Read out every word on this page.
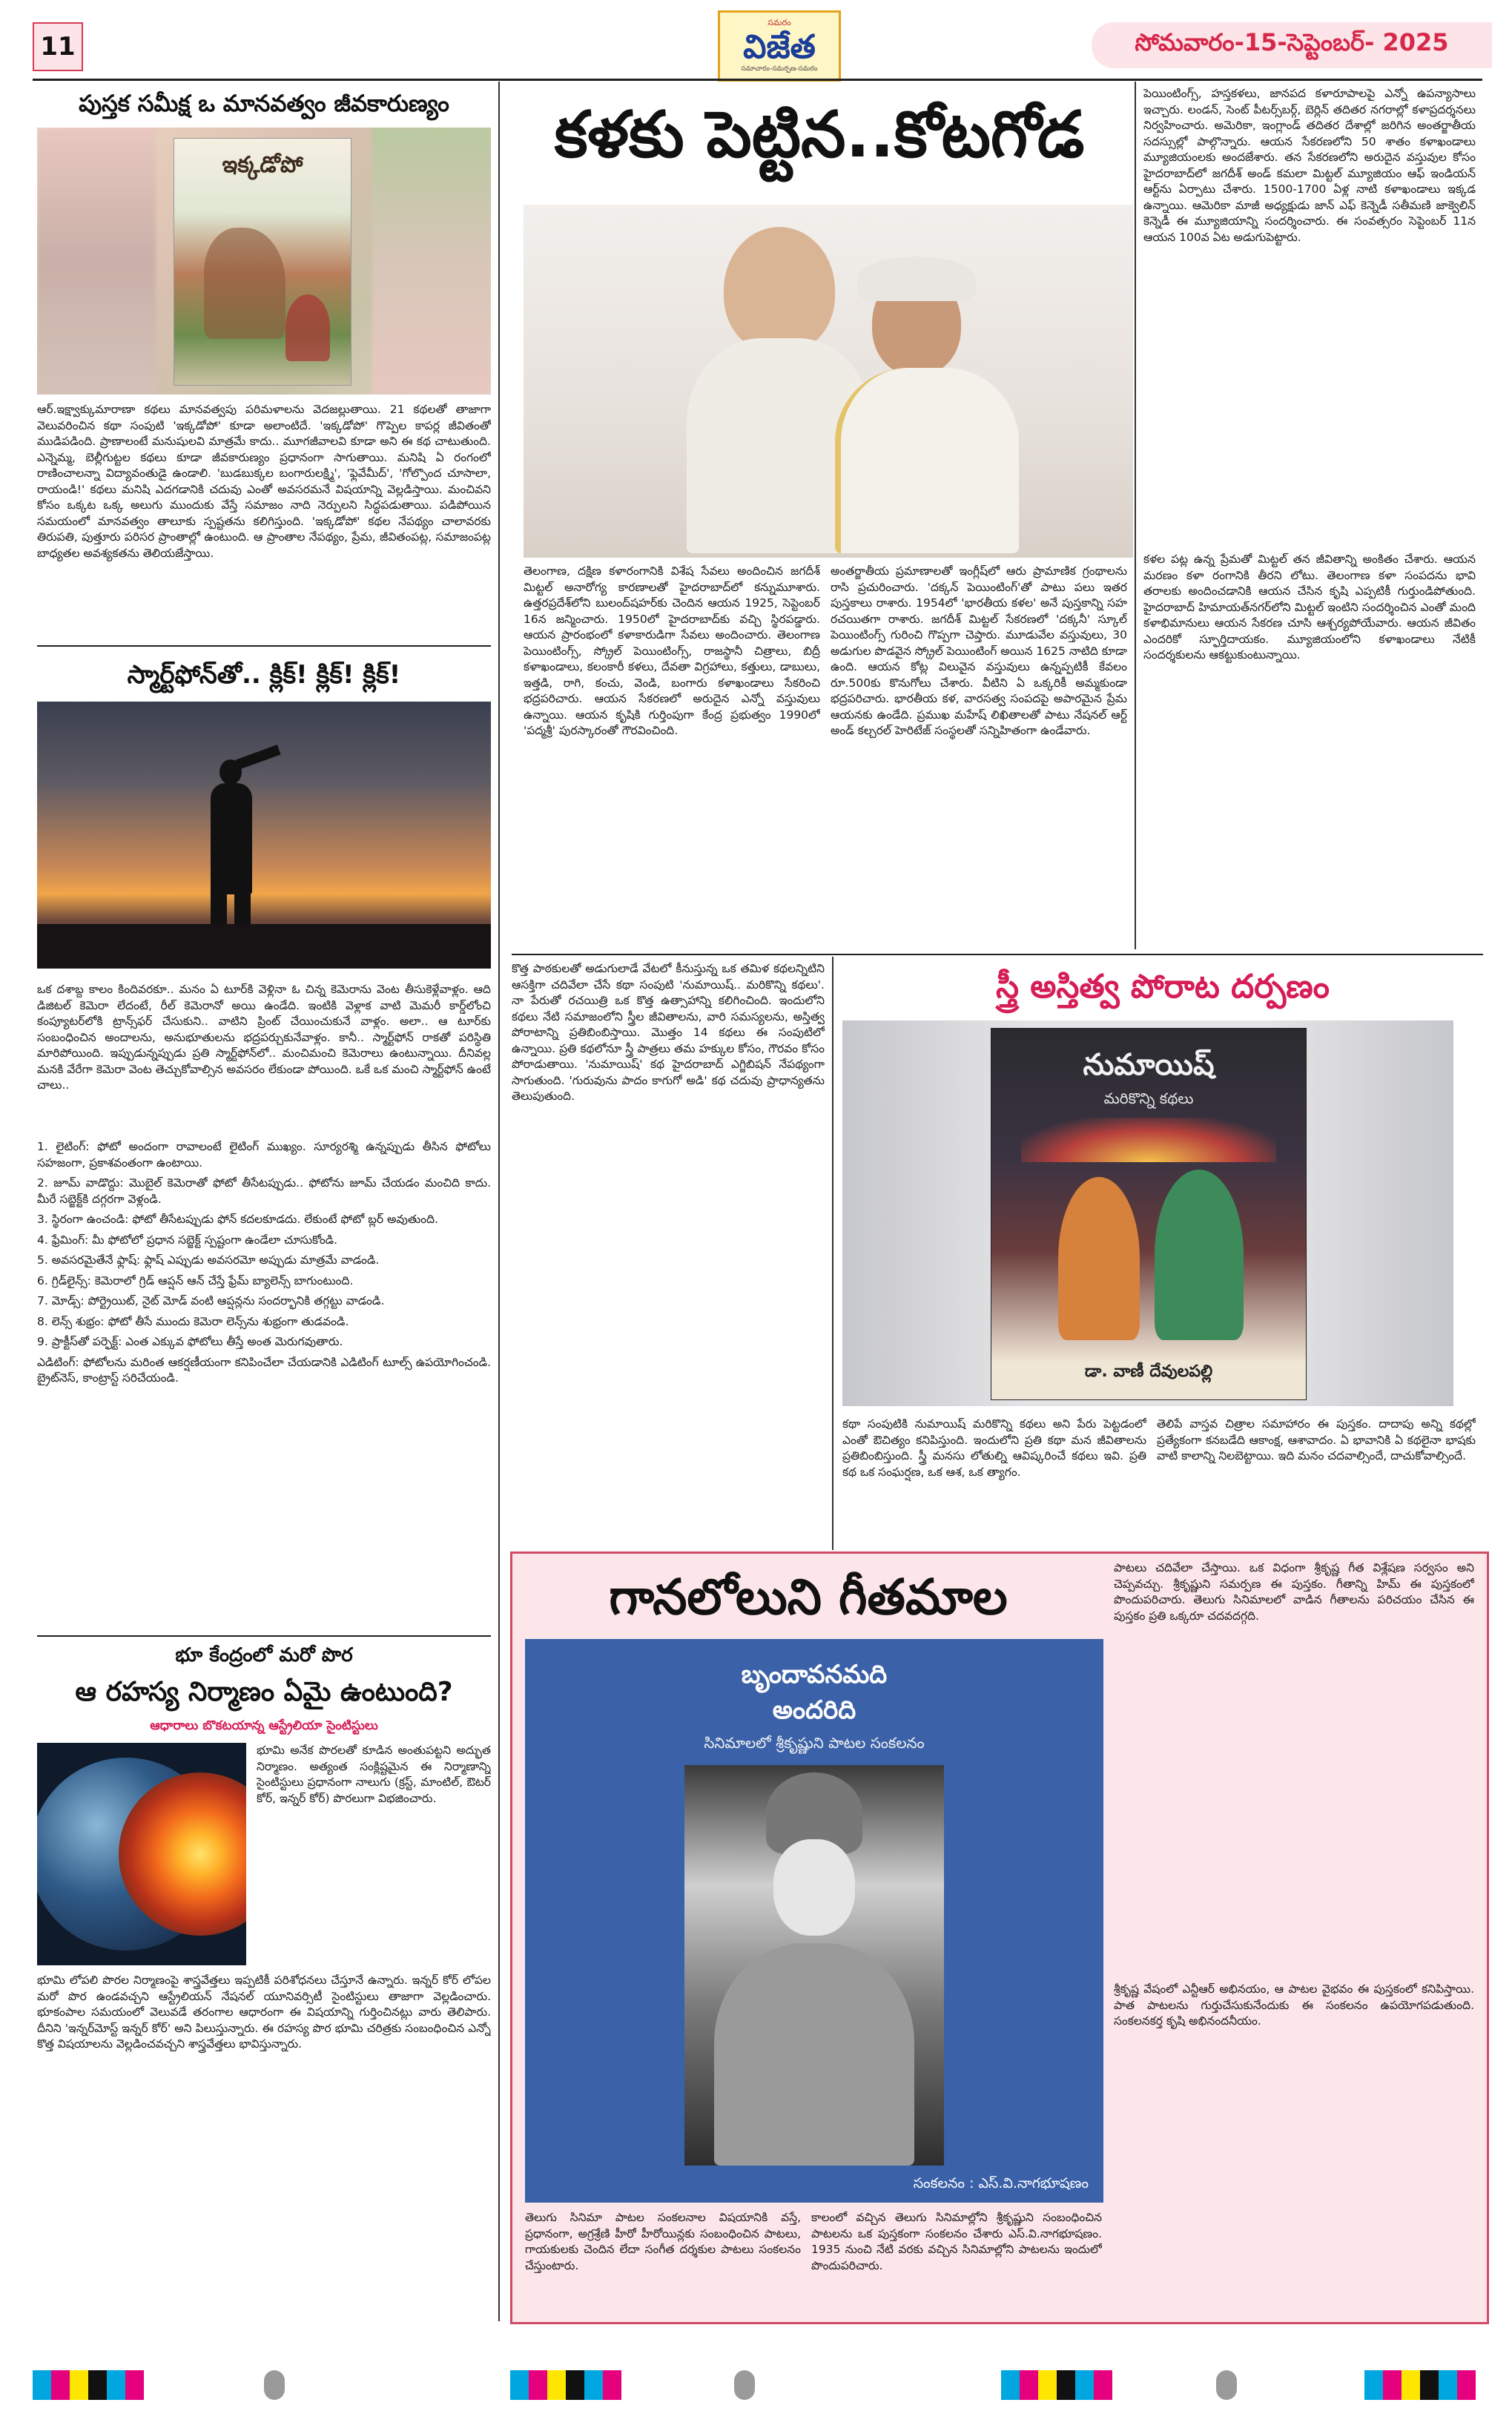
11
సమరం
విజేత
సమాచారం-సమర్పణ-సమరం
సోమవారం-15-సెప్టెంబర్- 2025
పుస్తక సమీక్ష ఒ మానవత్వం జీవకారుణ్యం
ఇక్కడోపో

ఆర్.ఇక్ష్వాక్కుమారాణా కథలు మానవత్వపు పరిమళాలను వెదజల్లుతాయి. 21 కథలతో తాజాగా వెలువరించిన కథా సంపుటి 'ఇక్కడోపో' కూడా అలాంటిదే. 'ఇక్కడోపో' గొప్పెల కాపర్ల జీవితంతో ముడిపడింది. ప్రాణాలంటే మనుషులవి మాత్రమే కాదు.. మూగజీవాలవి కూడా అని ఈ కథ చాటుతుంది. ఎన్నెమ్మ, బెల్లీగుట్టల కథలు కూడా జీవకారుణ్యం ప్రధానంగా సాగుతాయి. మనిషి ఏ రంగంలో రాణించాలన్నా విద్యావంతుడై ఉండాలి. 'బుడబుక్కల బంగారులక్ష్మి', 'ఫ్లెవేమీద్', 'గోల్పొంద చూసాలా, రాయండి!' కథలు మనిషి ఎదగడానికి చదువు ఎంతో అవసరమనే విషయాన్ని వెల్లడిస్తాయి. మంచివని కోసం ఒక్కట ఒక్క అలుగు ముందుకు వేస్తే సమాజం నాది నెర్పులని సిద్ధపడుతాయి. పడిపోయిన సమయంలో మానవత్వం తాలూకు స్పష్టతను కలిగిస్తుంది. 'ఇక్కడోపో' కథల నేపథ్యం చాలావరకు తిరుపతి, పుత్తూరు పరిసర ప్రాంతాల్లో ఉంటుంది. ఆ ప్రాంతాల నేపథ్యం, ప్రేమ, జీవితంపట్ల, సమాజంపట్ల బాధ్యతల అవశ్యకతను తెలియజేస్తాయి.

స్మార్ట్‌ఫోన్‌తో.. క్లిక్! క్లిక్! క్లిక్!

ఒక దశాబ్ద కాలం కిందివరకూ.. మనం ఏ టూర్‌కి వెళ్లినా ఓ చిన్న కెమెరాను వెంట తీసుకెళ్లేవాళ్లం. ఆది డిజిటల్ కెమెరా లేదంటే, రీల్ కెమెరానో అయి ఉండేది. ఇంటికి వెళ్లాక వాటి మెమరీ కార్డ్‌లోంచి కంప్యూటర్‌లోకి ట్రాన్స్‌ఫర్ చేసుకుని.. వాటిని ప్రింట్ చేయించుకునే వాళ్లం. అలా.. ఆ టూర్‌కు సంబంధించిన అందాలను, అనుభూతులను భద్రపర్చుకునేవాళ్లం. కానీ.. స్మార్ట్‌ఫోన్ రాకతో పరిస్థితి మారిపోయింది. ఇప్పుడున్నప్పుడు ప్రతి స్మార్ట్‌ఫోన్‌లో.. మంచిమంచి కెమెరాలు ఉంటున్నాయి. దీనివల్ల మనకి వేరేగా కెమెరా వెంట తెచ్చుకోవాల్సిన అవసరం లేకుండా పోయింది. ఒకే ఒక మంచి స్మార్ట్‌ఫోన్ ఉంటే చాలు..

1. లైటింగ్: ఫోటో అందంగా రావాలంటే లైటింగ్ ముఖ్యం. సూర్యరశ్మి ఉన్నప్పుడు తీసిన ఫోటోలు సహజంగా, ప్రకాశవంతంగా ఉంటాయి.

2. జూమ్ వాడొద్దు: మొబైల్ కెమెరాతో ఫోటో తీసేటప్పుడు.. ఫోటోను జూమ్ చేయడం మంచిది కాదు. మీరే సబ్జెక్ట్‌కి దగ్గరగా వెళ్లండి.

3. స్థిరంగా ఉంచండి: ఫోటో తీసేటప్పుడు ఫోన్ కదలకూడదు. లేకుంటే ఫోటో బ్లర్ అవుతుంది.

4. ఫ్రేమింగ్: మీ ఫోటోలో ప్రధాన సబ్జెక్ట్ స్పష్టంగా ఉండేలా చూసుకోండి.

5. అవసరమైతేనే ఫ్లాష్: ఫ్లాష్ ఎప్పుడు అవసరమో అప్పుడు మాత్రమే వాడండి.

6. గ్రిడ్‌లైన్స్: కెమెరాలో గ్రిడ్ ఆప్షన్ ఆన్ చేస్తే ఫ్రేమ్ బ్యాలెన్స్ బాగుంటుంది.

7. మోడ్స్: పోర్ట్రెయిట్, నైట్ మోడ్ వంటి ఆప్షన్లను సందర్భానికి తగ్గట్టు వాడండి.

8. లెన్స్ శుభ్రం: ఫోటో తీసే ముందు కెమెరా లెన్స్‌ను శుభ్రంగా తుడవండి.

9. ప్రాక్టీస్‌తో పర్ఫెక్ట్: ఎంత ఎక్కువ ఫోటోలు తీస్తే అంత మెరుగవుతారు.

ఎడిటింగ్: ఫోటోలను మరింత ఆకర్షణీయంగా కనిపించేలా చేయడానికి ఎడిటింగ్ టూల్స్ ఉపయోగించండి. బ్రైట్‌నెస్, కాంట్రాస్ట్ సరిచేయండి.

భూ కేంద్రంలో మరో పొర
ఆ రహస్య నిర్మాణం ఏమై ఉంటుంది?
ఆధారాలు బొకటయాన్న ఆస్ట్రేలియా సైంటిస్టులు

భూమి అనేక పొరలతో కూడిన అంతుపట్టని అద్భుత నిర్మాణం. అత్యంత సంక్లిష్టమైన ఈ నిర్మాణాన్ని సైంటిస్టులు ప్రధానంగా నాలుగు (క్రస్ట్, మాంటిల్, ఔటర్ కోర్, ఇన్నర్ కోర్) పొరలుగా విభజించారు.

భూమి లోపలి పొరల నిర్మాణంపై శాస్త్రవేత్తలు ఇప్పటికీ పరిశోధనలు చేస్తూనే ఉన్నారు. ఇన్నర్ కోర్ లోపల మరో పొర ఉండవచ్చని ఆస్ట్రేలియన్ నేషనల్ యూనివర్సిటీ సైంటిస్టులు తాజాగా వెల్లడించారు. భూకంపాల సమయంలో వెలువడే తరంగాల ఆధారంగా ఈ విషయాన్ని గుర్తించినట్లు వారు తెలిపారు. దీనిని 'ఇన్నర్‌మోస్ట్ ఇన్నర్ కోర్' అని పిలుస్తున్నారు. ఈ రహస్య పొర భూమి చరిత్రకు సంబంధించిన ఎన్నో కొత్త విషయాలను వెల్లడించవచ్చని శాస్త్రవేత్తలు భావిస్తున్నారు.

కళకు పెట్టిన..కోటగోడ

తెలంగాణ, దక్షిణ కళారంగానికి విశేష సేవలు అందించిన జగదీశ్ మిట్టల్ అనారోగ్య కారణాలతో హైదరాబాద్‌లో కన్నుమూశారు. ఉత్తరప్రదేశ్‌లోని బులంద్‌షహర్‌కు చెందిన ఆయన 1925, సెప్టెంబర్ 16న జన్మించారు. 1950లో హైదరాబాద్‌కు వచ్చి స్థిరపడ్డారు. ఆయన ప్రారంభంలో కళాకారుడిగా సేవలు అందించారు. తెలంగాణ పెయింటింగ్స్, స్క్రోల్ పెయింటింగ్స్, రాజస్థానీ చిత్రాలు, బిద్రీ కళాఖండాలు, కలంకారీ కళలు, దేవతా విగ్రహాలు, కత్తులు, డాబులు, ఇత్తడి, రాగి, కంచు, వెండి, బంగారు కళాఖండాలు సేకరించి భద్రపరిచారు. ఆయన సేకరణలో అరుదైన ఎన్నో వస్తువులు ఉన్నాయి. ఆయన కృషికి గుర్తింపుగా కేంద్ర ప్రభుత్వం 1990లో 'పద్మశ్రీ' పురస్కారంతో గౌరవించింది.

అంతర్జాతీయ ప్రమాణాలతో ఇంగ్లీష్‌లో ఆరు ప్రామాణిక గ్రంథాలను రాసి ప్రచురించారు. 'దక్కన్ పెయింటింగ్'తో పాటు పలు ఇతర పుస్తకాలు రాశారు. 1954లో 'భారతీయ కళల' అనే పుస్తకాన్ని సహ రచయితగా రాశారు. జగదీశ్ మిట్టల్ సేకరణలో 'దక్కనీ' స్కూల్ పెయింటింగ్స్ గురించి గొప్పగా చెప్తారు. మూడువేల వస్తువులు, 30 అడుగుల పొడవైన స్క్రోల్ పెయింటింగ్ అయిన 1625 నాటిది కూడా ఉంది. ఆయన కోట్ల విలువైన వస్తువులు ఉన్నప్పటికీ కేవలం రూ.500కు కొనుగోలు చేశారు. వీటిని ఏ ఒక్కరికీ అమ్మకుండా భద్రపరిచారు. భారతీయ కళ, వారసత్వ సంపదపై అపారమైన ప్రేమ ఆయనకు ఉండేది. ప్రముఖ మహేష్ లిఖితాలతో పాటు నేషనల్ ఆర్ట్ అండ్ కల్చరల్ హెరిటేజ్ సంస్థలతో సన్నిహితంగా ఉండేవారు.

పెయింటింగ్స్, హస్తకళలు, జానపద కళారూపాలపై ఎన్నో ఉపన్యాసాలు ఇచ్చారు. లండన్, సెంట్ పీటర్స్‌బర్గ్, బెర్లిన్ తదితర నగరాల్లో కళాప్రదర్శనలు నిర్వహించారు. అమెరికా, ఇంగ్లాండ్ తదితర దేశాల్లో జరిగిన అంతర్జాతీయ సదస్సుల్లో పాల్గొన్నారు. ఆయన సేకరణలోని 50 శాతం కళాఖండాలు మ్యూజియంలకు అందజేశారు. తన సేకరణలోని అరుదైన వస్తువుల కోసం హైదరాబాద్‌లో జగదీశ్ అండ్ కమలా మిట్టల్ మ్యూజియం ఆఫ్ ఇండియన్ ఆర్ట్‌ను ఏర్పాటు చేశారు. 1500-1700 ఏళ్ల నాటి కళాఖండాలు ఇక్కడ ఉన్నాయి. ఆమెరికా మాజీ అధ్యక్షుడు జాన్ ఎఫ్ కెన్నెడీ సతీమణి జాక్వెలిన్ కెన్నెడీ ఈ మ్యూజియాన్ని సందర్శించారు. ఈ సంవత్సరం సెప్టెంబర్ 11న ఆయన 100వ ఏట అడుగుపెట్టారు.

కళల పట్ల ఉన్న ప్రేమతో మిట్టల్ తన జీవితాన్ని అంకితం చేశారు. ఆయన మరణం కళా రంగానికి తీరని లోటు. తెలంగాణ కళా సంపదను భావి తరాలకు అందించడానికి ఆయన చేసిన కృషి ఎప్పటికీ గుర్తుండిపోతుంది. హైదరాబాద్ హిమాయత్‌నగర్‌లోని మిట్టల్ ఇంటిని సందర్శించిన ఎంతో మంది కళాభిమానులు ఆయన సేకరణ చూసి ఆశ్చర్యపోయేవారు. ఆయన జీవితం ఎందరికో స్ఫూర్తిదాయకం. మ్యూజియంలోని కళాఖండాలు నేటికీ సందర్శకులను ఆకట్టుకుంటున్నాయి.

కొత్త పాఠకులతో అడుగులాడే వేటలో కీనుస్తున్న ఒక తమిళ కథలన్నిటిని ఆసక్తిగా చదివేలా చేసే కథా సంపుటి 'నుమాయిష్.. మరికొన్ని కథలు'. నా పేరుతో రచయిత్రి ఒక కొత్త ఉత్సాహాన్ని కలిగించింది. ఇందులోని కథలు నేటి సమాజంలోని స్త్రీల జీవితాలను, వారి సమస్యలను, అస్తిత్వ పోరాటాన్ని ప్రతిబింబిస్తాయి. మొత్తం 14 కథలు ఈ సంపుటిలో ఉన్నాయి. ప్రతి కథలోనూ స్త్రీ పాత్రలు తమ హక్కుల కోసం, గౌరవం కోసం పోరాడుతాయి. 'నుమాయిష్' కథ హైదరాబాద్ ఎగ్జిబిషన్ నేపథ్యంగా సాగుతుంది. 'గురువును పాదం కాగుగో అడి' కథ చదువు ప్రాధాన్యతను తెలుపుతుంది.

స్త్రీ అస్తిత్వ పోరాట దర్పణం
నుమాయిష్
మరికొన్ని కథలు
డా. వాణీ దేవులపల్లి

కథా సంపుటికి నుమాయిష్ మరికొన్ని కథలు అని పేరు పెట్టడంలో ఎంతో ఔచిత్యం కనిపిస్తుంది. ఇందులోని ప్రతి కథా మన జీవితాలను ప్రతిబింబిస్తుంది. స్త్రీ మనసు లోతుల్ని ఆవిష్కరించే కథలు ఇవి. ప్రతి కథ ఒక సంఘర్షణ, ఒక ఆశ, ఒక త్యాగం.

తెలిపే వాస్తవ చిత్రాల సమాహారం ఈ పుస్తకం. దాదాపు అన్ని కథల్లో ప్రత్యేకంగా కనబడేది ఆకాంక్ష, ఆశావాదం. ఏ భావానికి ఏ కథలైనా భాషకు వాటి కాలాన్ని నిలబెట్టాయి. ఇది మనం చదవాల్సిందే, దాచుకోవాల్సిందే.

గానలోలుని గీతమాల
బృందావనమది
అందరిది
సినిమాలలో శ్రీకృష్ణుని పాటల సంకలనం
సంకలనం : ఎస్.వి.నాగభూషణం

తెలుగు సినిమా పాటల సంకలనాల విషయానికి వస్తే, ప్రధానంగా, అగ్రశ్రేణి హీరో హీరోయిన్లకు సంబంధించిన పాటలు, గాయకులకు చెందిన లేదా సంగీత దర్శకుల పాటలు సంకలనం చేస్తుంటారు.

కాలంలో వచ్చిన తెలుగు సినిమాల్లోని శ్రీకృష్ణుని సంబంధించిన పాటలను ఒక పుస్తకంగా సంకలనం చేశారు ఎస్.వి.నాగభూషణం. 1935 నుంచి నేటి వరకు వచ్చిన సినిమాల్లోని పాటలను ఇందులో పొందుపరిచారు.

పాటలు చదివేలా చేస్తాయి. ఒక విధంగా శ్రీకృష్ణ గీత విశ్లేషణ సర్వసం అని చెప్పవచ్చు. శ్రీకృష్ణుని సమర్పణ ఈ పుస్తకం. గీతాన్ని హిమ్ ఈ పుస్తకంలో పొందుపరిచారు. తెలుగు సినిమాలలో వాడిన గీతాలను పరిచయం చేసిన ఈ పుస్తకం ప్రతి ఒక్కరూ చదవదగ్గది.

శ్రీకృష్ణ వేషంలో ఎన్టీఆర్ అభినయం, ఆ పాటల వైభవం ఈ పుస్తకంలో కనిపిస్తాయి. పాత పాటలను గుర్తుచేసుకునేందుకు ఈ సంకలనం ఉపయోగపడుతుంది. సంకలనకర్త కృషి అభినందనీయం.
